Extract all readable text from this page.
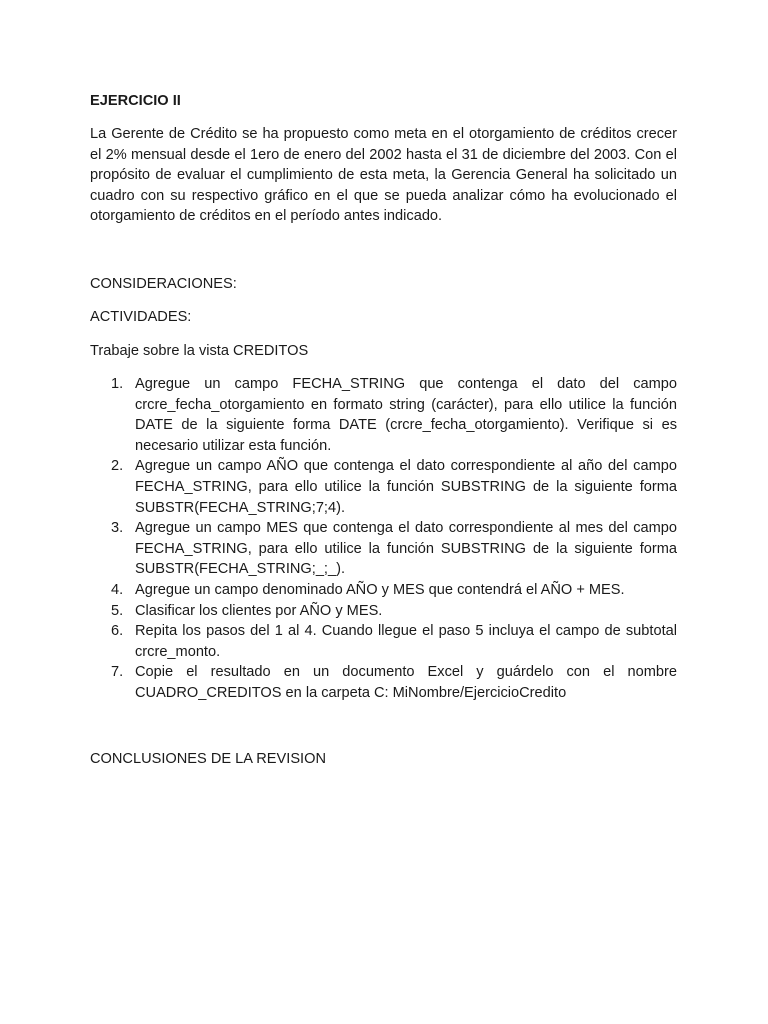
EJERCICIO II

La Gerente de Crédito se ha propuesto como meta en el otorgamiento de créditos crecer el 2% mensual desde el 1ero de enero del 2002 hasta el 31 de diciembre del 2003. Con el propósito de evaluar el cumplimiento de esta meta, la Gerencia General ha solicitado un cuadro con su respectivo gráfico en el que se pueda analizar cómo ha evolucionado el otorgamiento de créditos en el período antes indicado.

CONSIDERACIONES:

ACTIVIDADES:

Trabaje sobre la vista CREDITOS

1. Agregue un campo FECHA_STRING que contenga el dato del campo crcre_fecha_otorgamiento en formato string (carácter), para ello utilice la función DATE de la siguiente forma DATE (crcre_fecha_otorgamiento). Verifique si es necesario utilizar esta función.
2. Agregue un campo AÑO que contenga el dato correspondiente al año del campo FECHA_STRING, para ello utilice la función SUBSTRING de la siguiente forma SUBSTR(FECHA_STRING;7;4).
3. Agregue un campo MES que contenga el dato correspondiente al mes del campo FECHA_STRING, para ello utilice la función SUBSTRING de la siguiente forma SUBSTR(FECHA_STRING;_;_).
4. Agregue un campo denominado AÑO y MES que contendrá el AÑO + MES.
5. Clasificar los clientes por AÑO y MES.
6. Repita los pasos del 1 al 4. Cuando llegue el paso 5 incluya el campo de subtotal crcre_monto.
7. Copie el resultado en un documento Excel y guárdelo con el nombre CUADRO_CREDITOS en la carpeta C: MiNombre/EjercicioCredito

CONCLUSIONES DE LA REVISION
